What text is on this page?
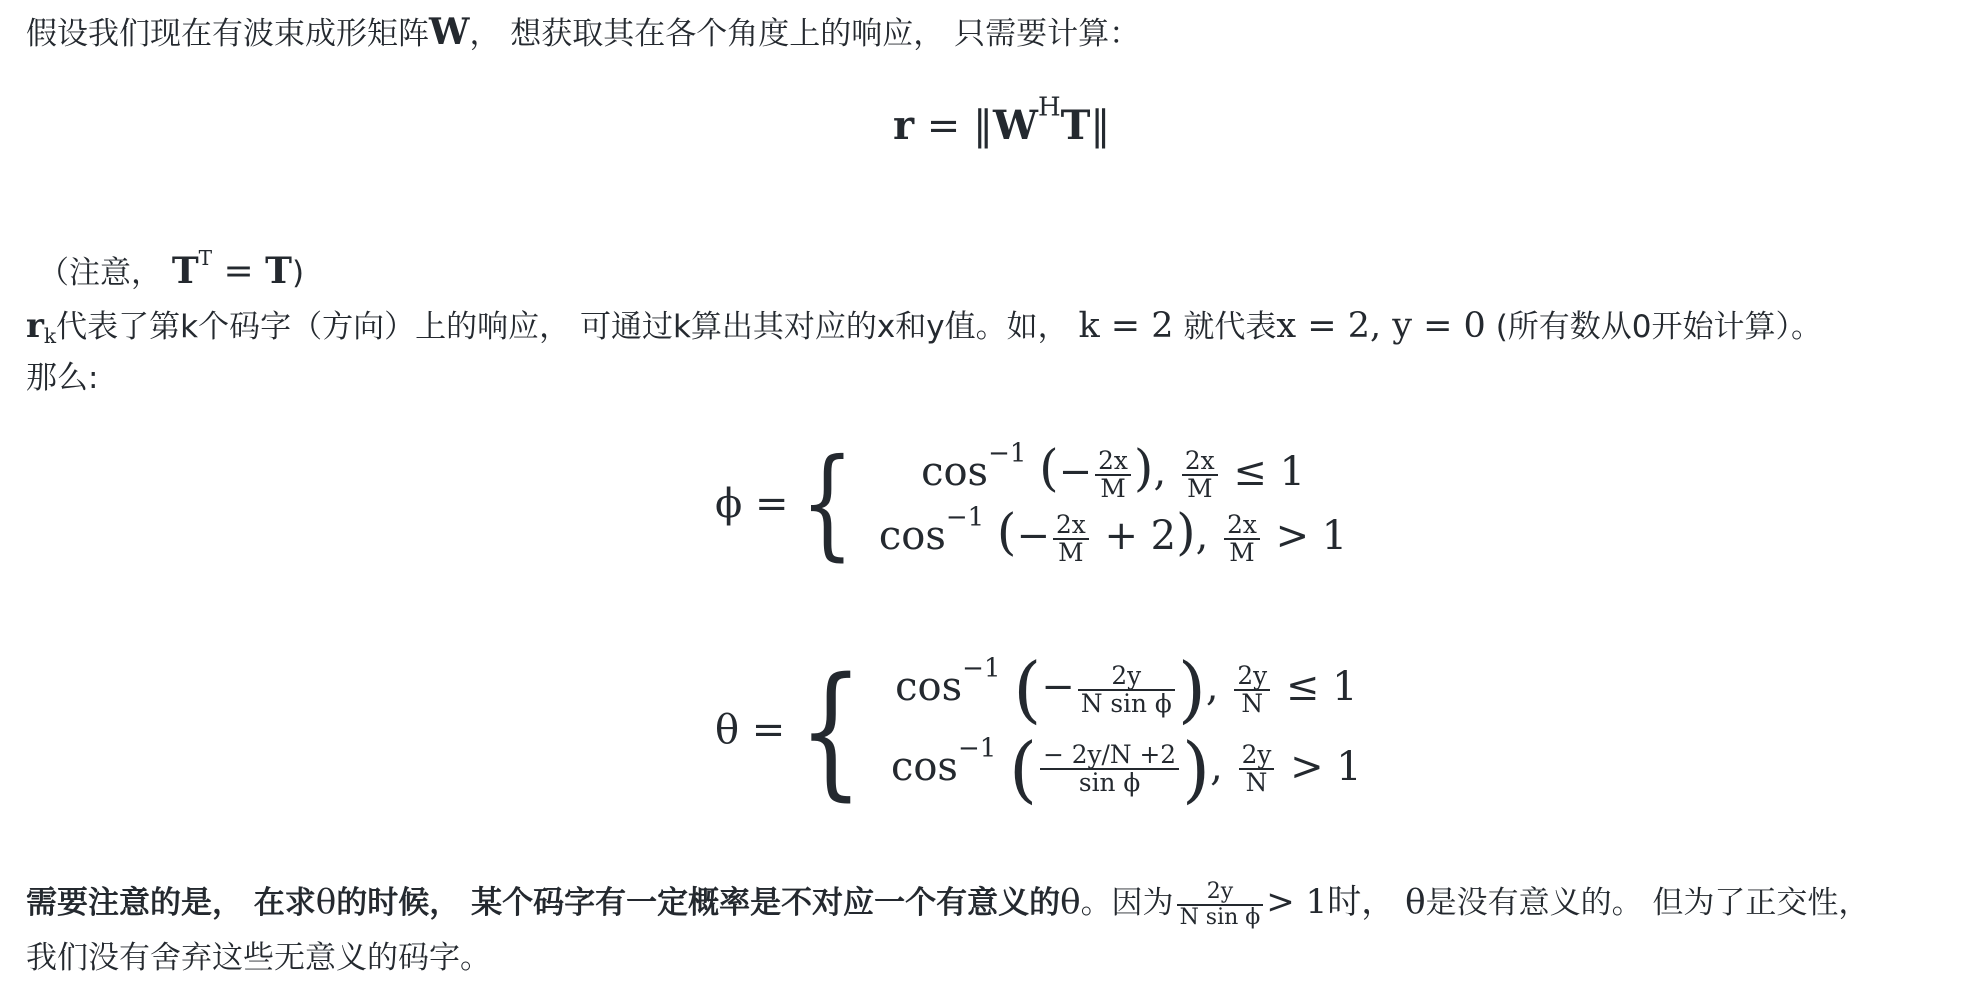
假设我们现在有波束成形矩阵W， 想获取其在各个角度上的响应， 只需要计算：
$r = ‖W^HT‖$
（注意， $T^T = T$)
$r_k$代表了第k个码字（方向）上的响应， 可通过k算出其对应的x和y值。如， k = 2 就代表x = 2, y = 0 (所有数从0开始计算）。
那么:
ϕ = { $\cos^{-1}$ (− $\frac{2x}{M}$ ), $\frac{2x}{M} \le 1$
$\cos^{-1}$ (− $\frac{2x}{M} + 2$), $\frac{2x}{M} > 1$
θ = { $\cos^{-1}$ (− $\frac{2y}{\text{N sin ϕ}}$ ), $\frac{2y}{N} \le 1$
$\cos^{-1}$ ( $\frac{- 2y/N +2}{\text{sin ϕ}}$ ), $\frac{2y}{N} > 1$
需要注意的是， 在求θ的时候， 某个码字有一定概率是不对应一个有意义的θ。因为 $\frac{2y}{\text{N sin ϕ}} > 1$时， θ是没有意义的。 但为了正交性，
我们没有舍弃这些无意义的码字。
